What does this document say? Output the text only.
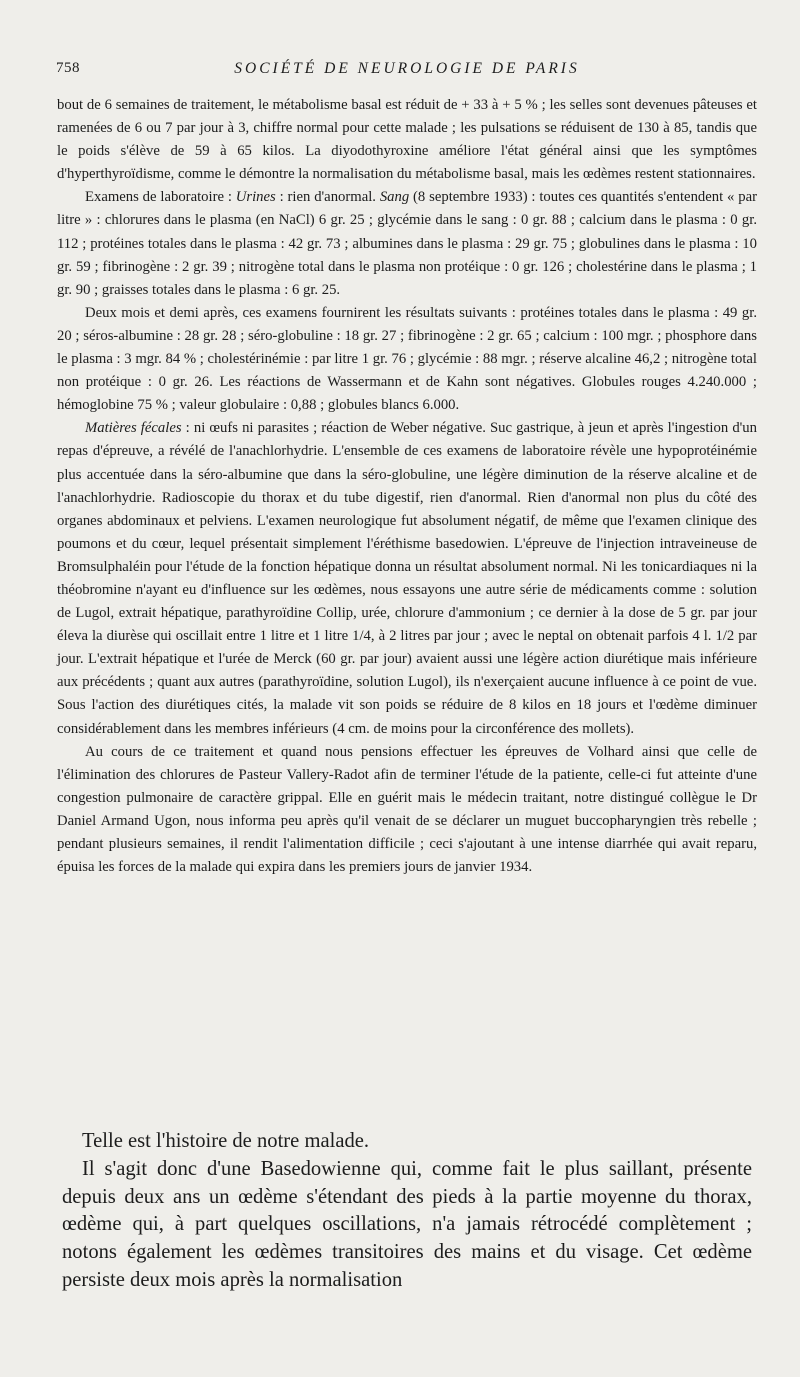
758	SOCIÉTÉ DE NEUROLOGIE DE PARIS

bout de 6 semaines de traitement, le métabolisme basal est réduit de + 33 à + 5 % ; les selles sont devenues pâteuses et ramenées de 6 ou 7 par jour à 3, chiffre normal pour cette malade ; les pulsations se réduisent de 130 à 85, tandis que le poids s'élève de 59 à 65 kilos. La diyodothyroxine améliore l'état général ainsi que les symptômes d'hyperthyroïdisme, comme le démontre la normalisation du métabolisme basal, mais les œdèmes restent stationnaires.

Examens de laboratoire : Urines : rien d'anormal. Sang (8 septembre 1933) : toutes ces quantités s'entendent « par litre » : chlorures dans le plasma (en NaCl) 6 gr. 25 ; glycémie dans le sang : 0 gr. 88 ; calcium dans le plasma : 0 gr. 112 ; protéines totales dans le plasma : 42 gr. 73 ; albumines dans le plasma : 29 gr. 75 ; globulines dans le plasma : 10 gr. 59 ; fibrinogène : 2 gr. 39 ; nitrogène total dans le plasma non protéique : 0 gr. 126 ; cholestérine dans le plasma ; 1 gr. 90 ; graisses totales dans le plasma : 6 gr. 25.

Deux mois et demi après, ces examens fournirent les résultats suivants : protéines totales dans le plasma : 49 gr. 20 ; séros-albumine : 28 gr. 28 ; séro-globuline : 18 gr. 27 ; fibrinogène : 2 gr. 65 ; calcium : 100 mgr. ; phosphore dans le plasma : 3 mgr. 84 % ; cholestérinémie : par litre 1 gr. 76 ; glycémie : 88 mgr. ; réserve alcaline 46,2 ; nitrogène total non protéique : 0 gr. 26. Les réactions de Wassermann et de Kahn sont négatives. Globules rouges 4.240.000 ; hémoglobine 75 % ; valeur globulaire : 0,88 ; globules blancs 6.000.

Matières fécales : ni œufs ni parasites ; réaction de Weber négative. Suc gastrique, à jeun et après l'ingestion d'un repas d'épreuve, a révélé de l'anachlorhydrie. L'ensemble de ces examens de laboratoire révèle une hypoprotéinémie plus accentuée dans la séro-albumine que dans la séro-globuline, une légère diminution de la réserve alcaline et de l'anachlorhydrie. Radioscopie du thorax et du tube digestif, rien d'anormal. Rien d'anormal non plus du côté des organes abdominaux et pelviens. L'examen neurologique fut absolument négatif, de même que l'examen clinique des poumons et du cœur, lequel présentait simplement l'éréthisme basedowien. L'épreuve de l'injection intraveineuse de Bromsulphaléin pour l'étude de la fonction hépatique donna un résultat absolument normal. Ni les tonicardiaques ni la théobromine n'ayant eu d'influence sur les œdèmes, nous essayons une autre série de médicaments comme : solution de Lugol, extrait hépatique, parathyroïdine Collip, urée, chlorure d'ammonium ; ce dernier à la dose de 5 gr. par jour éleva la diurèse qui oscillait entre 1 litre et 1 litre 1/4, à 2 litres par jour ; avec le neptal on obtenait parfois 4 l. 1/2 par jour. L'extrait hépatique et l'urée de Merck (60 gr. par jour) avaient aussi une légère action diurétique mais inférieure aux précédents ; quant aux autres (parathyroïdine, solution Lugol), ils n'exerçaient aucune influence à ce point de vue. Sous l'action des diurétiques cités, la malade vit son poids se réduire de 8 kilos en 18 jours et l'œdème diminuer considérablement dans les membres inférieurs (4 cm. de moins pour la circonférence des mollets).

Au cours de ce traitement et quand nous pensions effectuer les épreuves de Volhard ainsi que celle de l'élimination des chlorures de Pasteur Vallery-Radot afin de terminer l'étude de la patiente, celle-ci fut atteinte d'une congestion pulmonaire de caractère grippal. Elle en guérit mais le médecin traitant, notre distingué collègue le Dr Daniel Armand Ugon, nous informa peu après qu'il venait de se déclarer un muguet buccopharyngien très rebelle ; pendant plusieurs semaines, il rendit l'alimentation difficile ; ceci s'ajoutant à une intense diarrhée qui avait reparu, épuisa les forces de la malade qui expira dans les premiers jours de janvier 1934.

Telle est l'histoire de notre malade.

Il s'agit donc d'une Basedowienne qui, comme fait le plus saillant, présente depuis deux ans un œdème s'étendant des pieds à la partie moyenne du thorax, œdème qui, à part quelques oscillations, n'a jamais rétrocédé complètement ; notons également les œdèmes transitoires des mains et du visage. Cet œdème persiste deux mois après la normalisation
